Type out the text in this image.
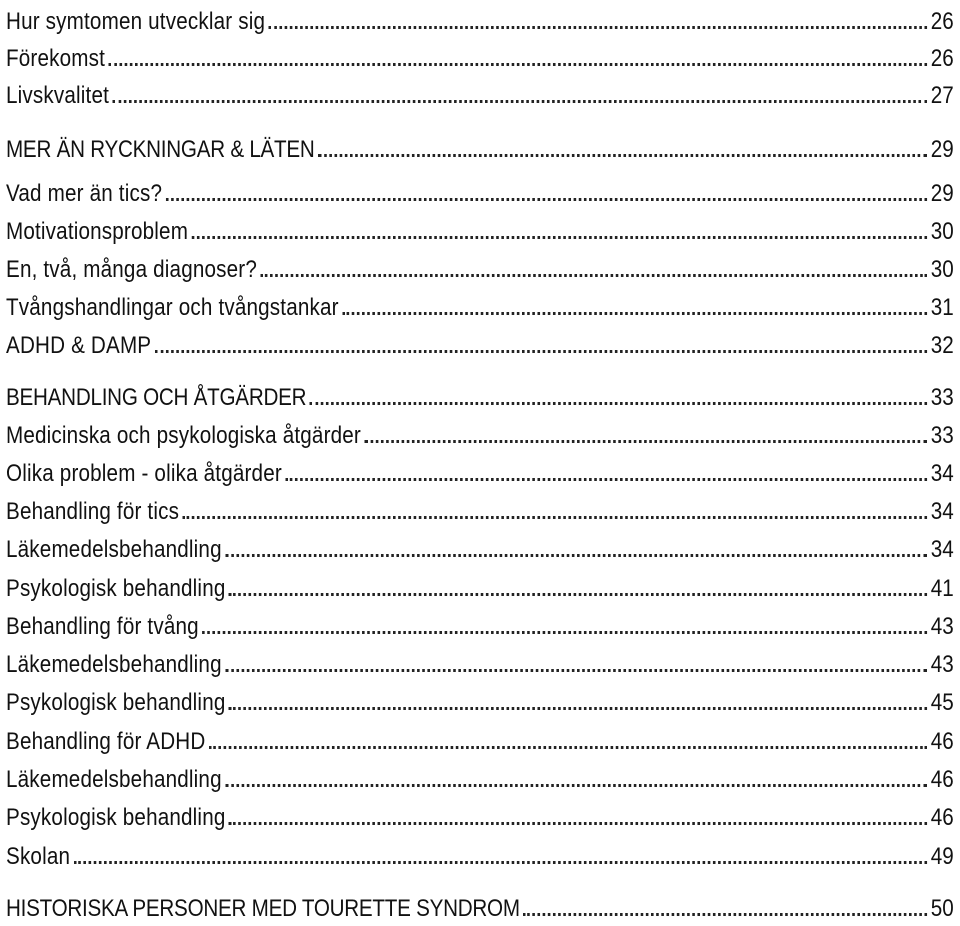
Hur symtomen utvecklar sig	26
Förekomst	26
Livskvalitet	27
MER ÄN RYCKNINGAR & LÄTEN	29
Vad mer än tics?	29
Motivationsproblem	30
En, två, många diagnoser?	30
Tvångshandlingar och tvångstankar	31
ADHD & DAMP	32
BEHANDLING OCH ÅTGÄRDER	33
Medicinska och psykologiska åtgärder	33
Olika problem - olika åtgärder	34
Behandling för tics	34
Läkemedelsbehandling	34
Psykologisk behandling	41
Behandling för tvång	43
Läkemedelsbehandling	43
Psykologisk behandling	45
Behandling för ADHD	46
Läkemedelsbehandling	46
Psykologisk behandling	46
Skolan	49
HISTORISKA PERSONER MED TOURETTE SYNDROM	50
